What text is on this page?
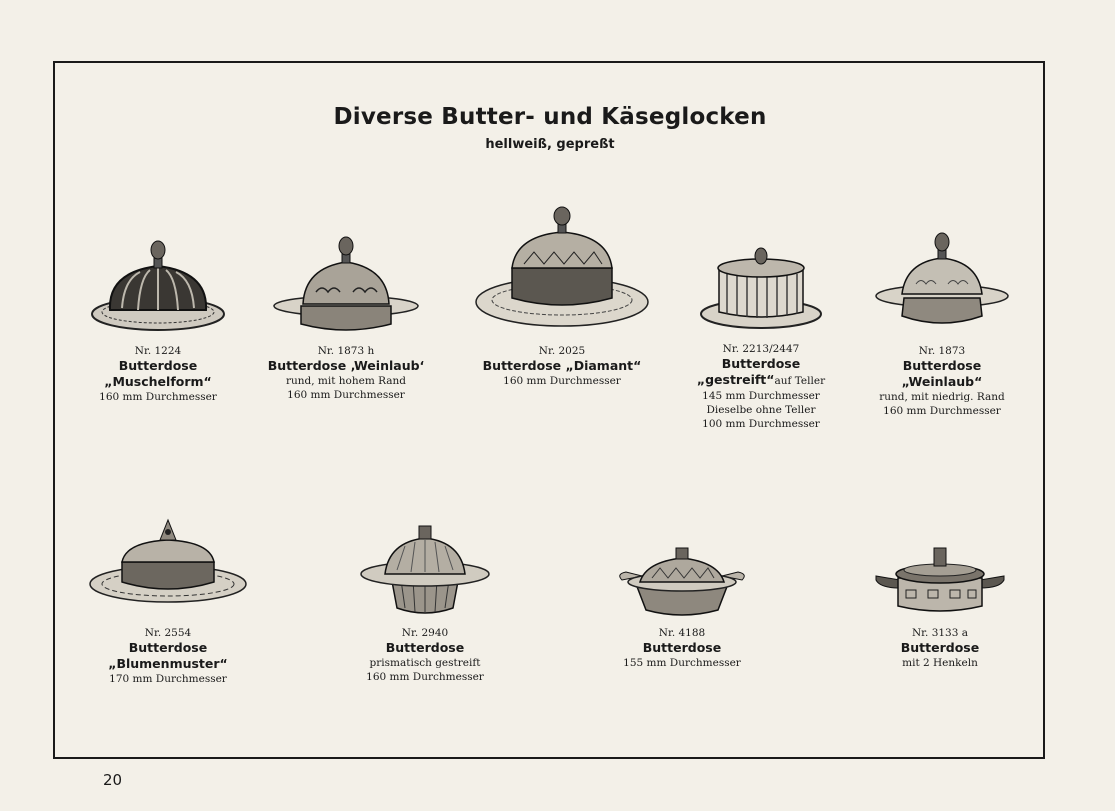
Diverse Butter- und Käseglocken
hellweiß, gepreßt
Nr. 1224
Butterdose
„Muschelform“
160 mm Durchmesser
Nr. 1873 h
Butterdose ‚Weinlaub‘
rund, mit hohem Rand
160 mm Durchmesser
Nr. 2025
Butterdose „Diamant“
160 mm Durchmesser
Nr. 2213/2447
Butterdose
„gestreift“auf Teller
145 mm Durchmesser
Dieselbe ohne Teller
100 mm Durchmesser
Nr. 1873
Butterdose
„Weinlaub“
rund, mit niedrig. Rand
160 mm Durchmesser
Nr. 2554
Butterdose
„Blumenmuster“
170 mm Durchmesser
Nr. 2940
Butterdose
prismatisch gestreift
160 mm Durchmesser
Nr. 4188
Butterdose
155 mm Durchmesser
Nr. 3133 a
Butterdose
mit 2 Henkeln
20
